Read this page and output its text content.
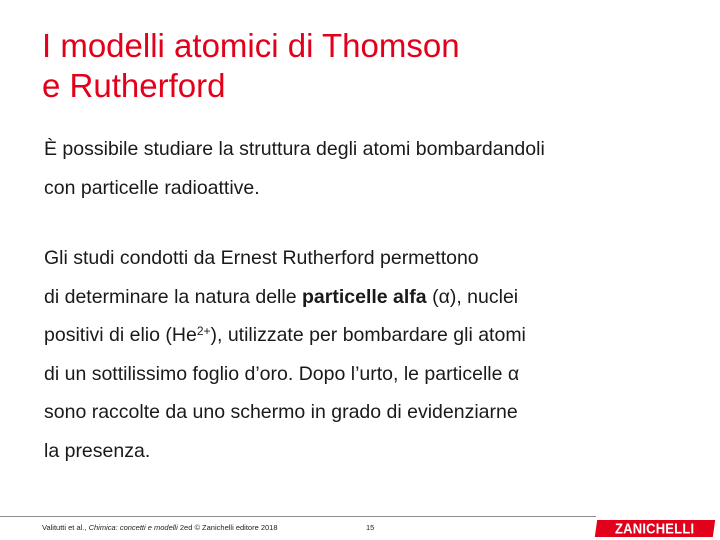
I modelli atomici di Thomson
e Rutherford
È possibile studiare la struttura degli atomi bombardandoli
con particelle radioattive.
Gli studi condotti da Ernest Rutherford permettono
di determinare la natura delle particelle alfa (α), nuclei
positivi di elio $(He^{2+})$, utilizzate per bombardare gli atomi
di un sottilissimo foglio d’oro. Dopo l’urto, le particelle α
sono raccolte da uno schermo in grado di evidenziarne
la presenza.
Valitutti et al., Chimica: concetti e modelli 2ed © Zanichelli editore 2018	15	ZANICHELLI
